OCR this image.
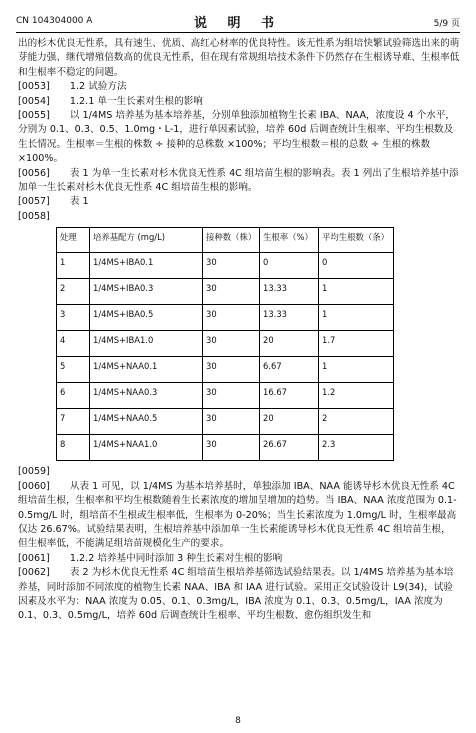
CN 104304000 A	说 明 书	5/9 页

出的杉木优良无性系，具有速生、优质、高红心材率的优良特性。该无性系为组培快繁试验筛选出来的萌芽能力强、继代增殖倍数高的优良无性系，但在现有常规组培技术条件下仍然存在生根诱导难、生根率低和生根率不稳定的问题。

[0053] 1.2 试验方法

[0054] 1.2.1 单一生长素对生根的影响

[0055] 以 1/4MS 培养基为基本培养基，分别单独添加植物生长素 IBA、NAA，浓度设 4 个水平，分别为 0.1、0.3、0.5、1.0mg・L-1，进行单因素试验，培养 60d 后调查统计生根率、平均生根数及生长情况。生根率＝生根的株数 ÷ 接种的总株数 ×100%；平均生根数＝根的总数 ÷ 生根的株数 ×100%。

[0056] 表 1 为单一生长素对杉木优良无性系 4C 组培苗生根的影响表。表 1 列出了生根培养基中添加单一生长素对杉木优良无性系 4C 组培苗生根的影响。

[0057] 表 1

[0058]

处理	培养基配方 (mg/L)	接种数（株）	生根率（%）	平均生根数（条）
1	1/4MS+IBA0.1	30	0	0
2	1/4MS+IBA0.3	30	13.33	1
3	1/4MS+IBA0.5	30	13.33	1
4	1/4MS+IBA1.0	30	20	1.7
5	1/4MS+NAA0.1	30	6.67	1
6	1/4MS+NAA0.3	30	16.67	1.2
7	1/4MS+NAA0.5	30	20	2
8	1/4MS+NAA1.0	30	26.67	2.3

[0059]

[0060] 从表 1 可见，以 1/4MS 为基本培养基时，单独添加 IBA、NAA 能诱导杉木优良无性系 4C 组培苗生根，生根率和平均生根数随着生长素浓度的增加呈增加的趋势。当 IBA、NAA 浓度范围为 0.1-0.5mg/L 时，组培苗不生根或生根率低，生根率为 0-20%；当生长素浓度为 1.0mg/L 时，生根率最高仅达 26.67%。试验结果表明，生根培养基中添加单一生长素能诱导杉木优良无性系 4C 组培苗生根，但生根率低，不能满足组培苗规模化生产的要求。

[0061] 1.2.2 培养基中同时添加 3 种生长素对生根的影响

[0062] 表 2 为杉木优良无性系 4C 组培苗生根培养基筛选试验结果表。以 1/4MS 培养基为基本培养基，同时添加不同浓度的植物生长素 NAA、IBA 和 IAA 进行试验。采用正交试验设计 L9(34)，试验因素及水平为：NAA 浓度为 0.05、0.1、0.3mg/L，IBA 浓度为 0.1、0.3、0.5mg/L，IAA 浓度为 0.1、0.3、0.5mg/L，培养 60d 后调查统计生根率、平均生根数、愈伤组织发生和

8
